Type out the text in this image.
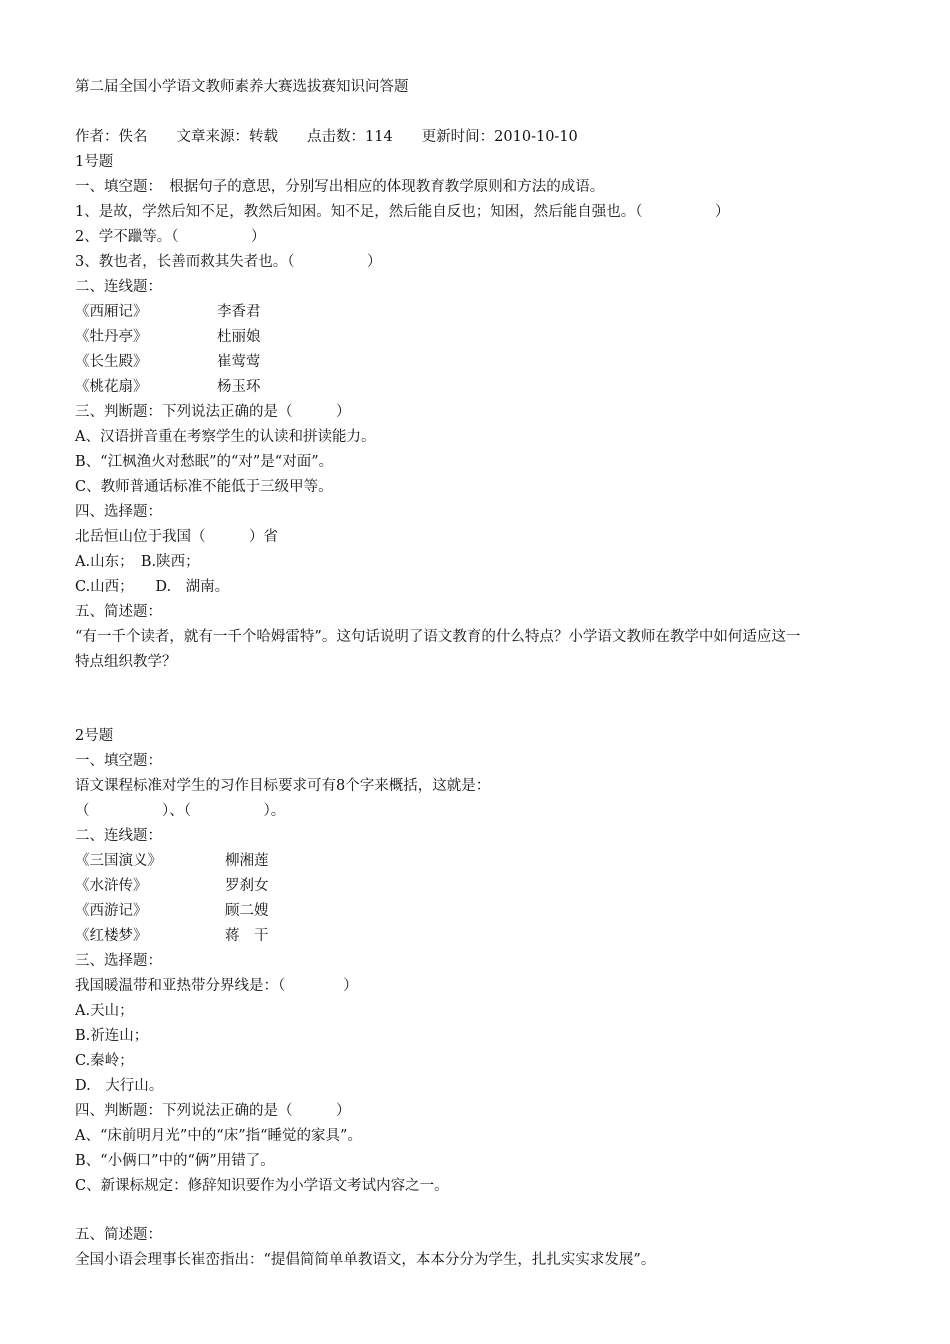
第二届全国小学语文教师素养大赛选拔赛知识问答题
作者：佚名　　文章来源：转载　　点击数：114　　更新时间：2010-10-10
1号题
一、填空题：　根据句子的意思，分别写出相应的体现教育教学原则和方法的成语。
1、是故，学然后知不足，教然后知困。知不足，然后能自反也；知困，然后能自强也。（　　　　　）
2、学不躐等。（　　　　　）
3、教也者，长善而救其失者也。（　　　　　）
二、连线题：
《西厢记》	李香君
《牡丹亭》	杜丽娘
《长生殿》	崔莺莺
《桃花扇》	杨玉环
三、判断题：下列说法正确的是（　　　）
A、汉语拼音重在考察学生的认读和拼读能力。
B、“江枫渔火对愁眠”的“对”是“对面”。
C、教师普通话标准不能低于三级甲等。
四、选择题：
北岳恒山位于我国（　　　）省
A.山东；　B.陕西；
C.山西；　　D.　湖南。
五、简述题：
“有一千个读者，就有一千个哈姆雷特”。这句话说明了语文教育的什么特点？小学语文教师在教学中如何适应这一
特点组织教学？
2号题
一、填空题：
语文课程标准对学生的习作目标要求可有8个字来概括，这就是：
（　　　　　）、（　　　　　）。
二、连线题：
《三国演义》	柳湘莲
《水浒传》	罗刹女
《西游记》	顾二嫂
《红楼梦》	蒋　干
三、选择题：
我国暖温带和亚热带分界线是：（　　　　）
A.天山；
B.祈连山；
C.秦岭；
D.　大行山。
四、判断题：下列说法正确的是（　　　）
A、“床前明月光”中的“床”指“睡觉的家具”。
B、“小俩口”中的“俩”用错了。
C、新课标规定：修辞知识要作为小学语文考试内容之一。
五、简述题：
全国小语会理事长崔峦指出：“提倡简简单单教语文，本本分分为学生，扎扎实实求发展”。
